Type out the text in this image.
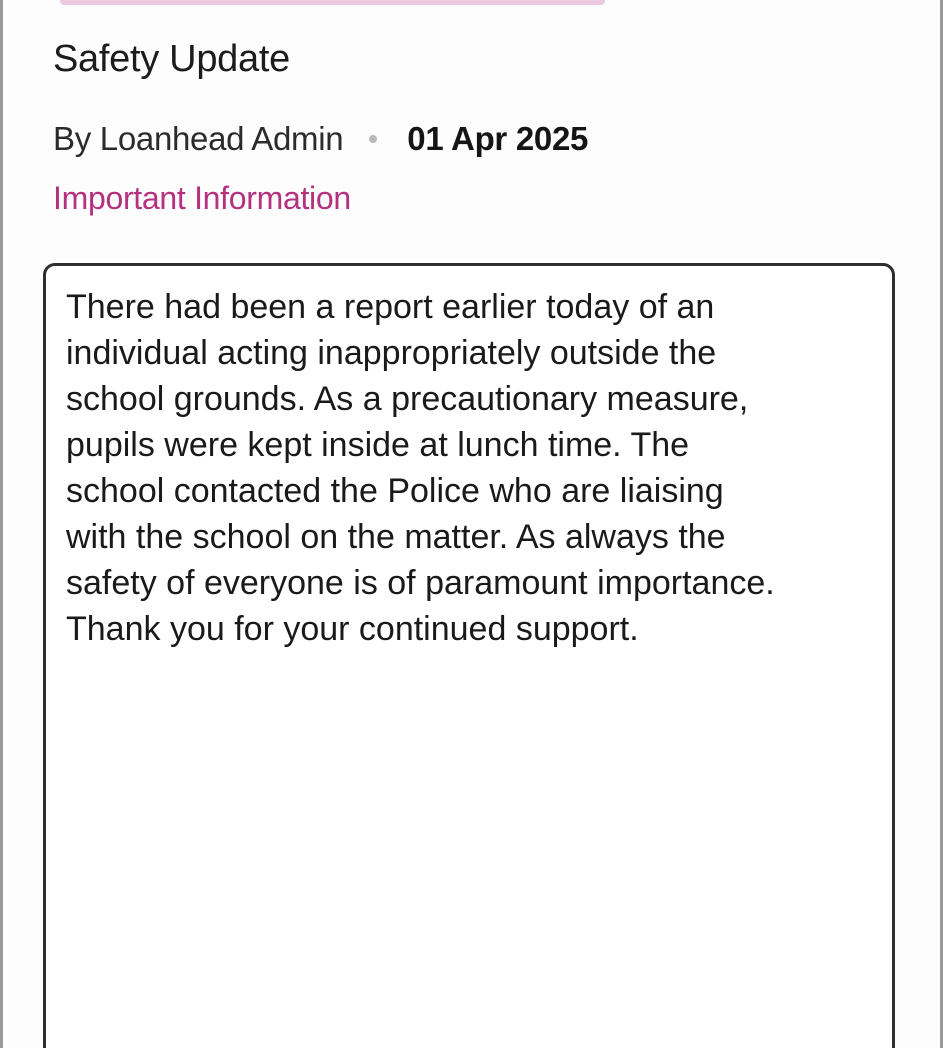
Safety Update
By Loanhead Admin 01 Apr 2025
Important Information

There had been a report earlier today of an
individual acting inappropriately outside the
school grounds. As a precautionary measure,
pupils were kept inside at lunch time. The
school contacted the Police who are liaising
with the school on the matter. As always the
safety of everyone is of paramount importance.
Thank you for your continued support.
